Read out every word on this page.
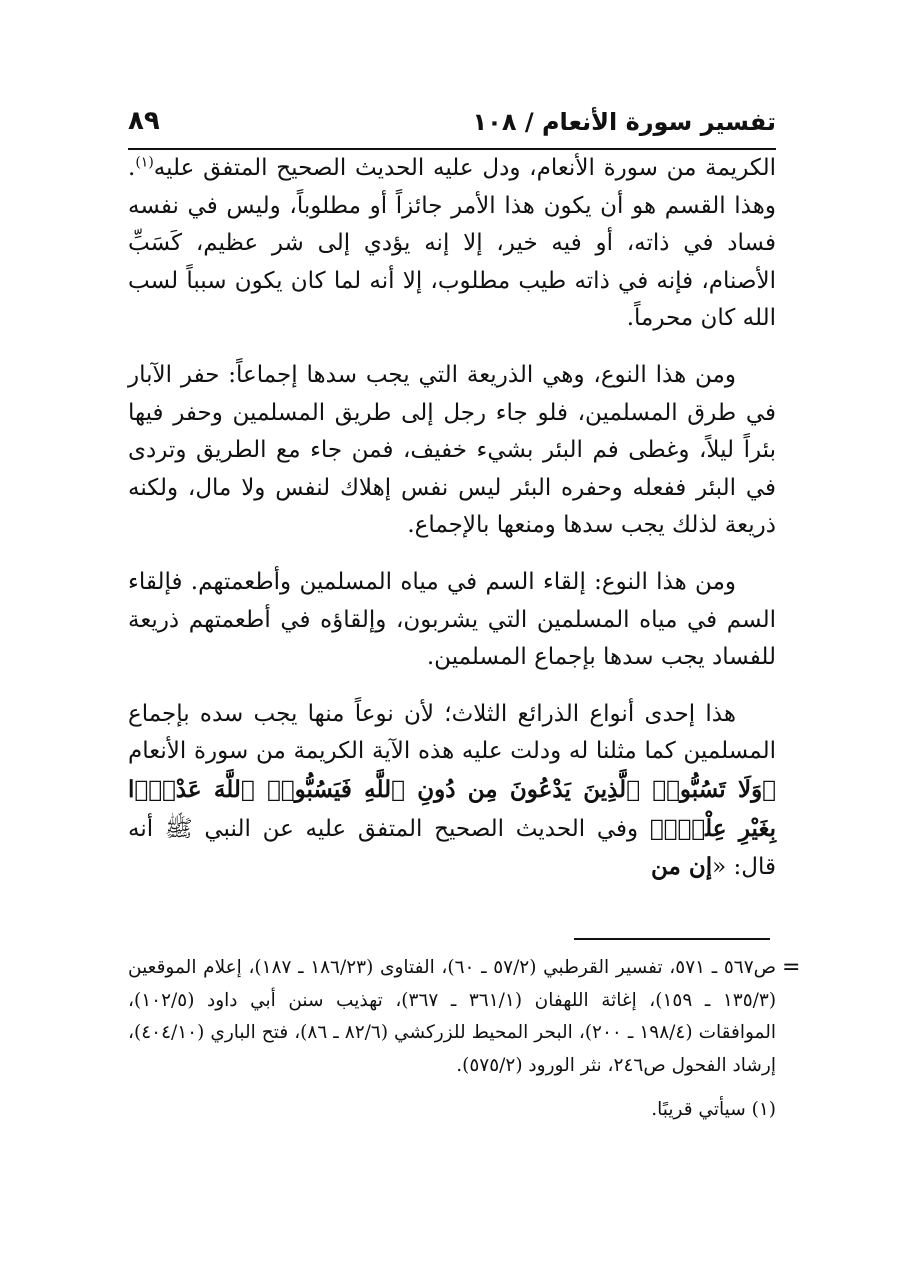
تفسير سورة الأنعام / ١٠٨
٨٩

الكريمة من سورة الأنعام، ودل عليه الحديث الصحيح المتفق عليه$^{(١)}$. وهذا القسم هو أن يكون هذا الأمر جائزاً أو مطلوباً، وليس في نفسه فساد في ذاته، أو فيه خير، إلا إنه يؤدي إلى شر عظيم، كَسَبِّ الأصنام، فإنه في ذاته طيب مطلوب، إلا أنه لما كان يكون سبباً لسب الله كان محرماً.

ومن هذا النوع، وهي الذريعة التي يجب سدها إجماعاً: حفر الآبار في طرق المسلمين، فلو جاء رجل إلى طريق المسلمين وحفر فيها بئراً ليلاً، وغطى فم البئر بشيء خفيف، فمن جاء مع الطريق وتردى في البئر ففعله وحفره البئر ليس نفس إهلاك لنفس ولا مال، ولكنه ذريعة لذلك يجب سدها ومنعها بالإجماع.

ومن هذا النوع: إلقاء السم في مياه المسلمين وأطعمتهم. فإلقاء السم في مياه المسلمين التي يشربون، وإلقاؤه في أطعمتهم ذريعة للفساد يجب سدها بإجماع المسلمين.

هذا إحدى أنواع الذرائع الثلاث؛ لأن نوعاً منها يجب سده بإجماع المسلمين كما مثلنا له ودلت عليه هذه الآية الكريمة من سورة الأنعام ﴿وَلَا تَسُبُّوا۟ ٱلَّذِينَ يَدْعُونَ مِن دُونِ ٱللَّهِ فَيَسُبُّوا۟ ٱللَّهَ عَدْوًۢا بِغَيْرِ عِلْمٍۢ﴾ وفي الحديث الصحيح المتفق عليه عن النبي ﷺ أنه قال: «إن من

=

ص٥٦٧ ـ ٥٧١، تفسير القرطبي (٥٧/٢ ـ ٦٠)، الفتاوى (١٨٦/٢٣ ـ ١٨٧)، إعلام الموقعين (١٣٥/٣ ـ ١٥٩)، إغاثة اللهفان (٣٦١/١ ـ ٣٦٧)، تهذيب سنن أبي داود (١٠٢/٥)، الموافقات (١٩٨/٤ ـ ٢٠٠)، البحر المحيط للزركشي (٨٢/٦ ـ ٨٦)، فتح الباري (٤٠٤/١٠)، إرشاد الفحول ص٢٤٦، نثر الورود (٥٧٥/٢).

(١) سيأتي قريبًا.
